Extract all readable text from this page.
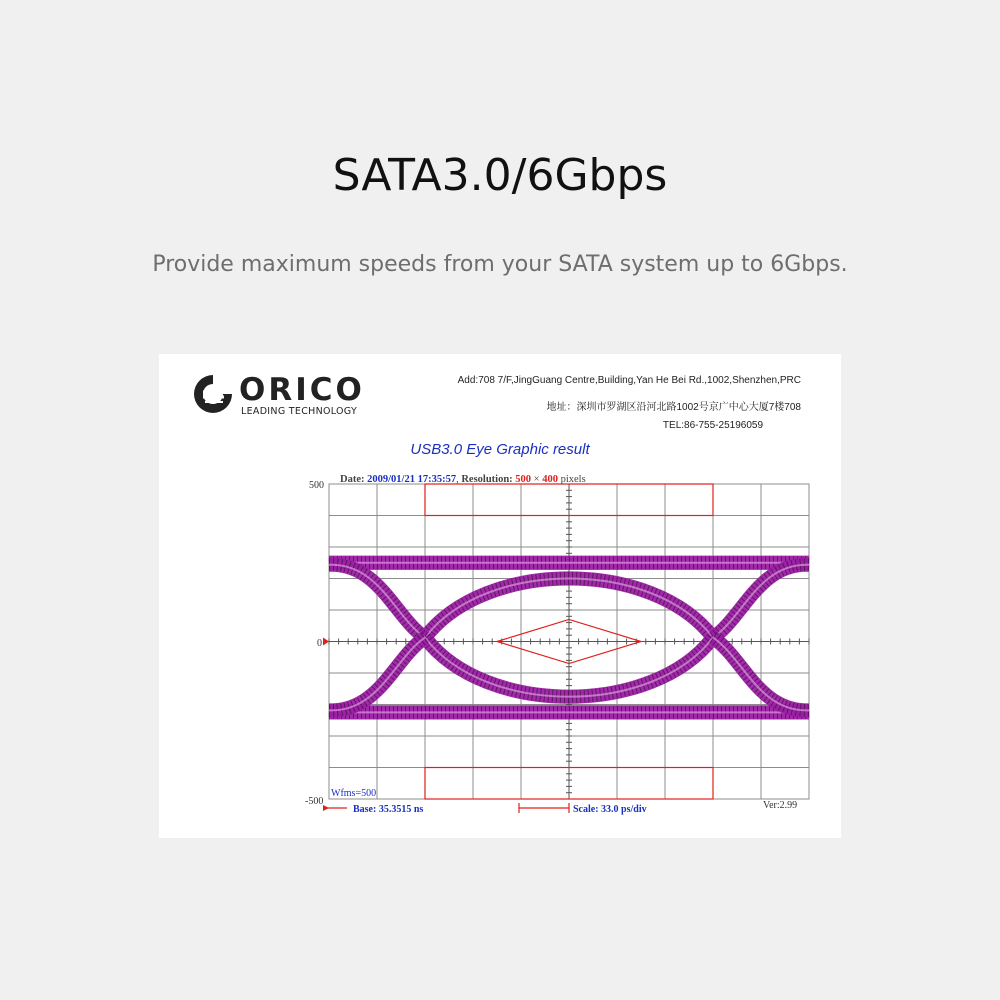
SATA3.0/6Gbps
Provide maximum speeds from your SATA system up to 6Gbps.
ORICO
LEADING TECHNOLOGY
Add:708 7/F,JingGuang Centre,Building,Yan He Bei Rd.,1002,Shenzhen,PRC
地址：深圳市罗湖区沿河北路1002号京广中心大厦7楼708
TEL:86-755-25196059
USB3.0 Eye Graphic result
Date: 2009/01/21 17:35:57, Resolution: 500 × 400 pixels
500
0
-500
Wfms=500
Base: 35.3515 ns	Scale: 33.0 ps/div	Ver:2.99
